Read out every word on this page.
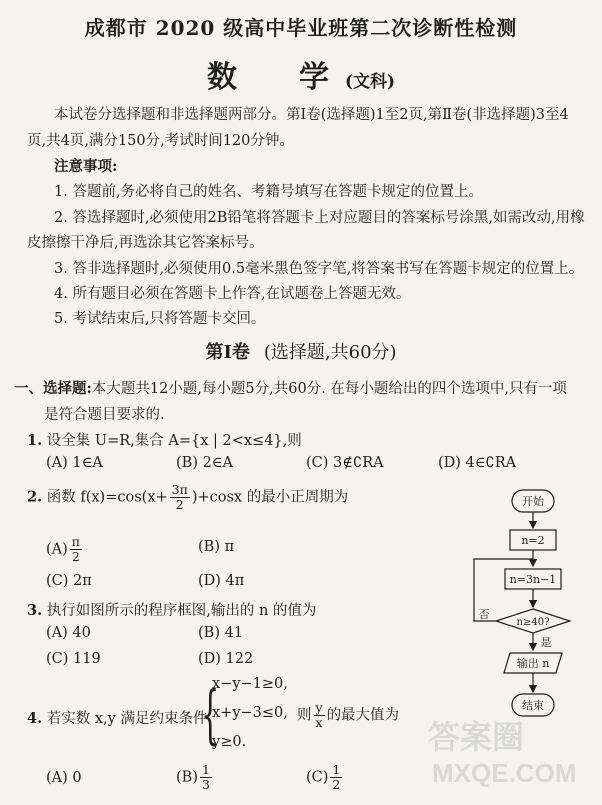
成都市 2020 级高中毕业班第二次诊断性检测
数　学(文科)
本试卷分选择题和非选择题两部分。第Ⅰ卷(选择题)1至2页,第Ⅱ卷(非选择题)3至4
页,共4页,满分150分,考试时间120分钟。
注意事项:
1. 答题前,务必将自己的姓名、考籍号填写在答题卡规定的位置上。
2. 答选择题时,必须使用2B铅笔将答题卡上对应题目的答案标号涂黑,如需改动,用橡
皮擦擦干净后,再选涂其它答案标号。
3. 答非选择题时,必须使用0.5毫米黑色签字笔,将答案书写在答题卡规定的位置上。
4. 所有题目必须在答题卡上作答,在试题卷上答题无效。
5. 考试结束后,只将答题卡交回。
第Ⅰ卷 (选择题,共60分)
一、选择题:本大题共12小题,每小题5分,共60分. 在每小题给出的四个选项中,只有一项
是符合题目要求的.
1. 设全集 U=R,集合 A={x | 2<x≤4},则
(A) 1∈A	(B) 2∈A	(C) 3∉∁RA	(D) 4∈∁RA
2. 函数 $f(x)=\cos(x+ \frac{3\pi}{2} )+\cos x$ 的最小正周期为
$(A) \frac{\pi}{2}$	(B) π
(C) 2π	(D) 4π
3. 执行如图所示的程序框图,输出的 n 的值为
(A) 40	(B) 41
(C) 119	(D) 122
开始
n=2
n=3n−1
n≥40?
否
是
输出 n
结束
4. 若实数 x,y 满足约束条件
{
x−y−1≥0,
x+y−3≤0,
y≥0.
则 $\frac{y}{x}$ 的最大值为
(A) 0	$(B) \frac{1}{3}$	$(C) \frac{1}{2}$
答案圈
MXQE.COM
